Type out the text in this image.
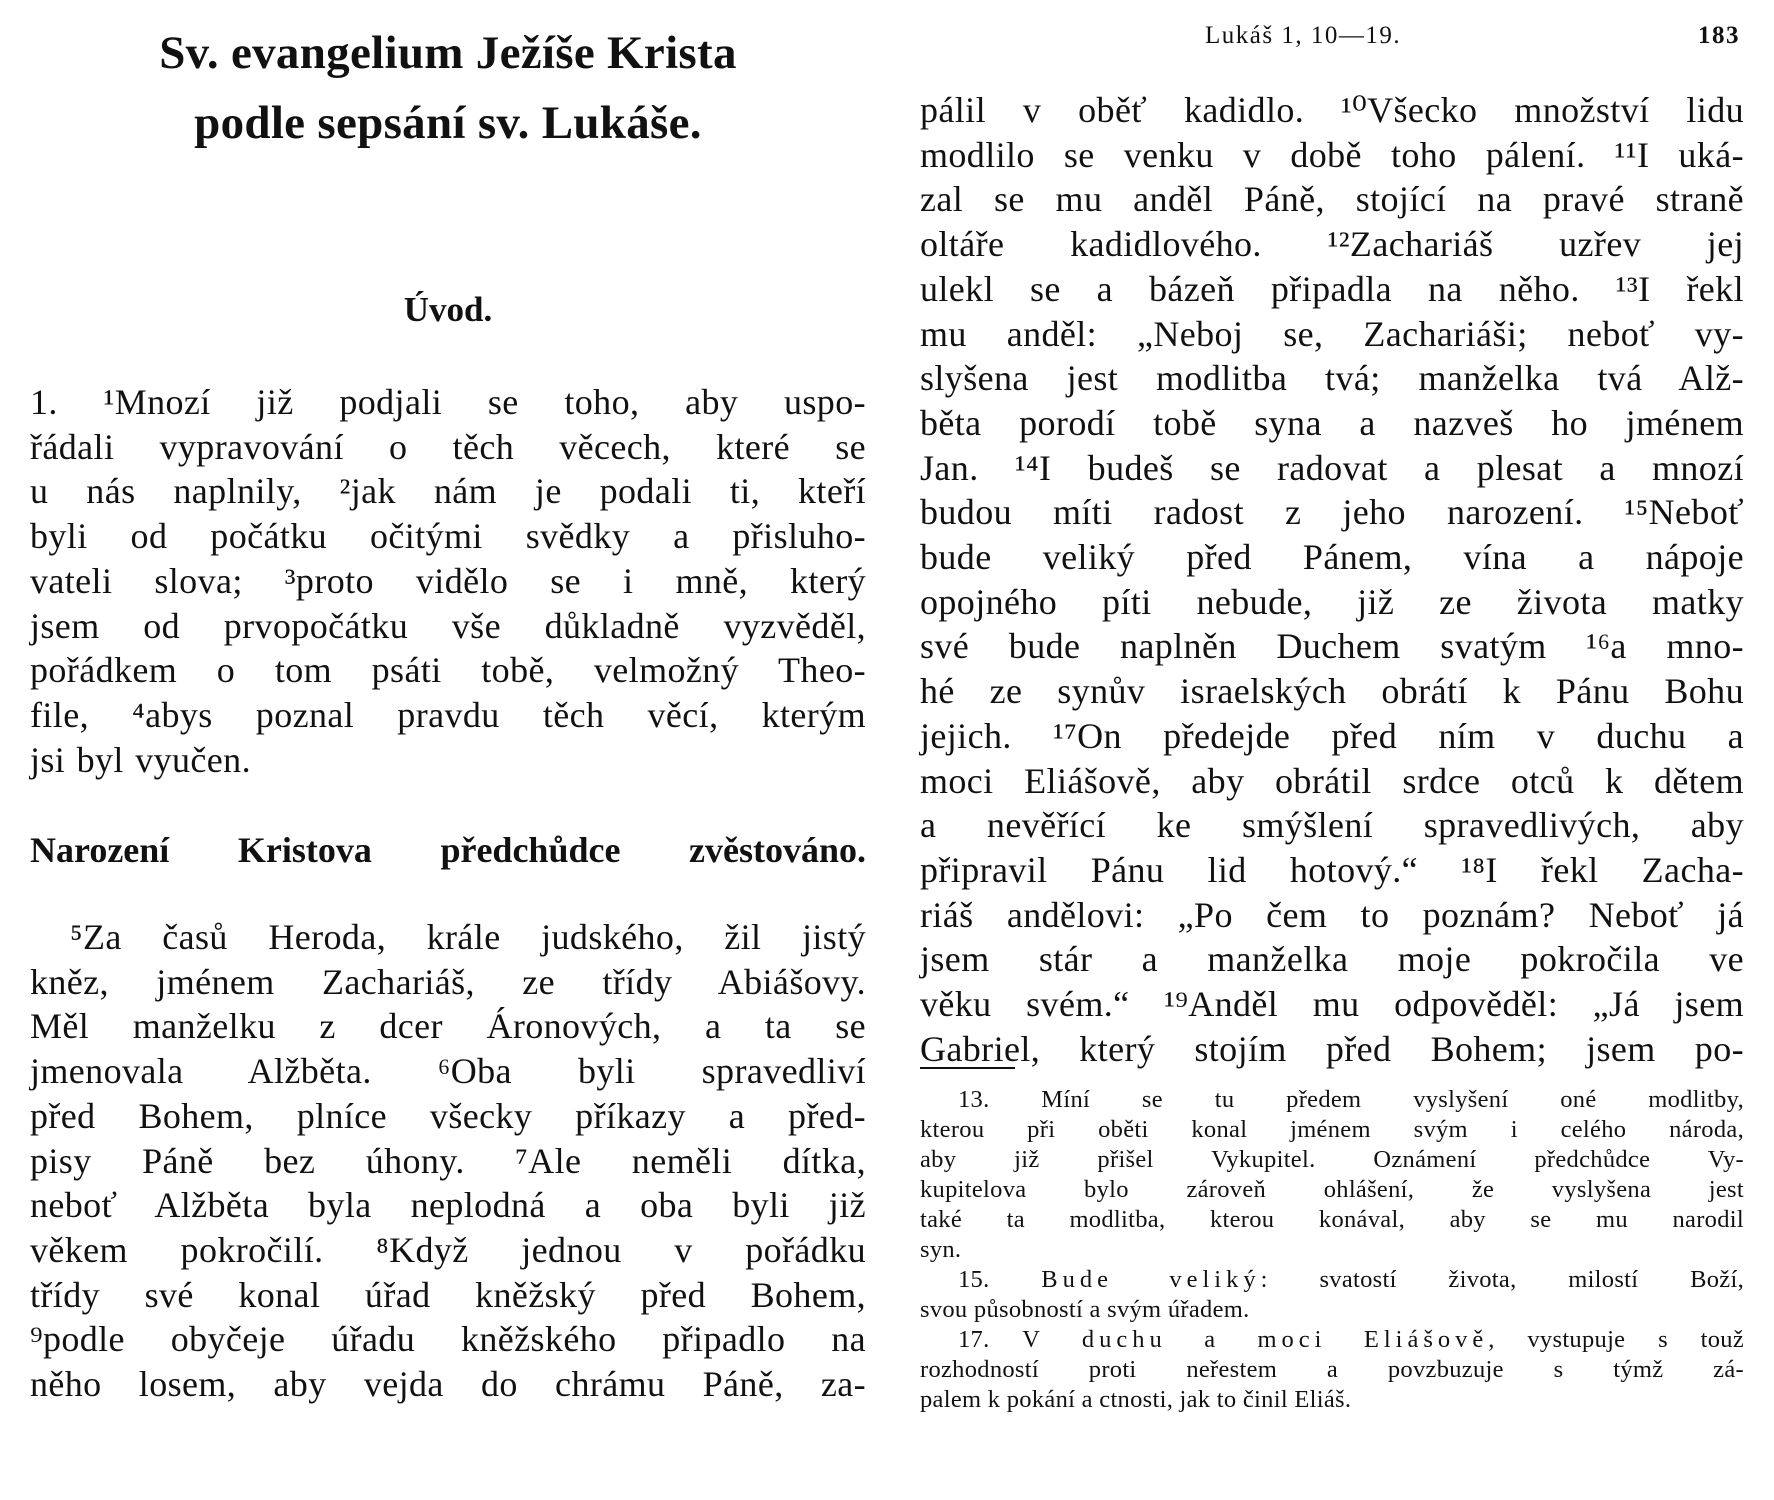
Sv. evangelium Ježíše Krista
podle sepsání sv. Lukáše.
Úvod.
1. ¹Mnozí již podjali se toho, aby uspo-
řádali vypravování o těch věcech, které se
u nás naplnily, ²jak nám je podali ti, kteří
byli od počátku očitými svědky a přisluho-
vateli slova; ³proto vidělo se i mně, který
jsem od prvopočátku vše důkladně vyzvěděl,
pořádkem o tom psáti tobě, velmožný Theo-
file, ⁴abys poznal pravdu těch věcí, kterým
jsi byl vyučen.
Narození Kristova předchůdce zvěstováno.
⁵Za časů Heroda, krále judského, žil jistý
kněz, jménem Zachariáš, ze třídy Abiášovy.
Měl manželku z dcer Áronových, a ta se
jmenovala Alžběta. ⁶Oba byli spravedliví
před Bohem, plníce všecky příkazy a před-
pisy Páně bez úhony. ⁷Ale neměli dítka,
neboť Alžběta byla neplodná a oba byli již
věkem pokročilí. ⁸Když jednou v pořádku
třídy své konal úřad kněžský před Bohem,
⁹podle obyčeje úřadu kněžského připadlo na
něho losem, aby vejda do chrámu Páně, za-
Lukáš 1, 10—19.	183
pálil v oběť kadidlo. ¹⁰Všecko množství lidu
modlilo se venku v době toho pálení. ¹¹I uká-
zal se mu anděl Páně, stojící na pravé straně
oltáře kadidlového. ¹²Zachariáš uzřev jej
ulekl se a bázeň připadla na něho. ¹³I řekl
mu anděl: „Neboj se, Zachariáši; neboť vy-
slyšena jest modlitba tvá; manželka tvá Alž-
běta porodí tobě syna a nazveš ho jménem
Jan. ¹⁴I budeš se radovat a plesat a mnozí
budou míti radost z jeho narození. ¹⁵Neboť
bude veliký před Pánem, vína a nápoje
opojného píti nebude, již ze života matky
své bude naplněn Duchem svatým ¹⁶a mno-
hé ze synův israelských obrátí k Pánu Bohu
jejich. ¹⁷On předejde před ním v duchu a
moci Eliášově, aby obrátil srdce otců k dětem
a nevěřící ke smýšlení spravedlivých, aby
připravil Pánu lid hotový.“ ¹⁸I řekl Zacha-
riáš andělovi: „Po čem to poznám? Neboť já
jsem stár a manželka moje pokročila ve
věku svém.“ ¹⁹Anděl mu odpověděl: „Já jsem
Gabriel, který stojím před Bohem; jsem po-
13. Míní se tu předem vyslyšení oné modlitby,
kterou při oběti konal jménem svým i celého národa,
aby již přišel Vykupitel. Oznámení předchůdce Vy-
kupitelova bylo zároveň ohlášení, že vyslyšena jest
také ta modlitba, kterou konával, aby se mu narodil
syn.
15. Bude veliký: svatostí života, milostí Boží,
svou působností a svým úřadem.
17. V duchu a moci Eliášově, vystupuje s touž
rozhodností proti neřestem a povzbuzuje s týmž zá-
palem k pokání a ctnosti, jak to činil Eliáš.
